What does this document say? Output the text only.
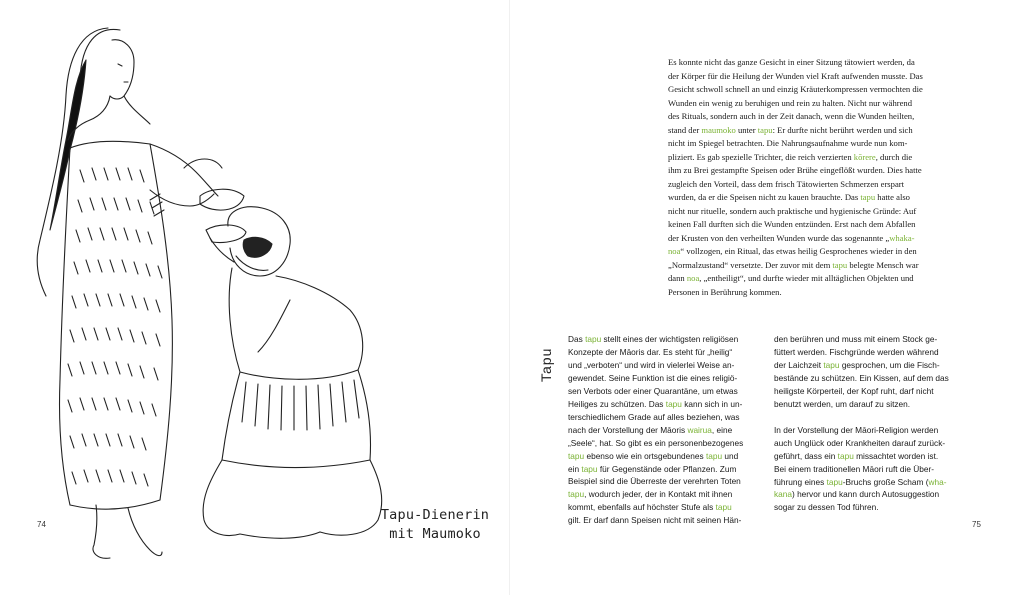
74
Tapu-Dienerin
mit Maumoko
Es konnte nicht das ganze Gesicht in einer Sitzung tätowiert werden, da
der Körper für die Heilung der Wunden viel Kraft aufwenden musste. Das
Gesicht schwoll schnell an und einzig Kräuterkompressen vermochten die
Wunden ein wenig zu beruhigen und rein zu halten. Nicht nur während
des Rituals, sondern auch in der Zeit danach, wenn die Wunden heilten,
stand der maumoko unter tapu: Er durfte nicht berührt werden und sich
nicht im Spiegel betrachten. Die Nahrungsaufnahme wurde nun kom-
pliziert. Es gab spezielle Trichter, die reich verzierten kōrere, durch die
ihm zu Brei gestampfte Speisen oder Brühe eingeflößt wurden. Dies hatte
zugleich den Vorteil, dass dem frisch Tätowierten Schmerzen erspart
wurden, da er die Speisen nicht zu kauen brauchte. Das tapu hatte also
nicht nur rituelle, sondern auch praktische und hygienische Gründe: Auf
keinen Fall durften sich die Wunden entzünden. Erst nach dem Abfallen
der Krusten von den verheilten Wunden wurde das sogenannte „whaka-
noa“ vollzogen, ein Ritual, das etwas heilig Gesprochenes wieder in den
„Normalzustand“ versetzte. Der zuvor mit dem tapu belegte Mensch war
dann noa, „entheiligt“, und durfte wieder mit alltäglichen Objekten und
Personen in Berührung kommen.
Tapu
Das tapu stellt eines der wichtigsten religiösen
Konzepte der Māoris dar. Es steht für „heilig“
und „verboten“ und wird in vielerlei Weise an-
gewendet. Seine Funktion ist die eines religiö-
sen Verbots oder einer Quarantäne, um etwas
Heiliges zu schützen. Das tapu kann sich in un-
terschiedlichem Grade auf alles beziehen, was
nach der Vorstellung der Māoris wairua, eine
„Seele“, hat. So gibt es ein personenbezogenes
tapu ebenso wie ein ortsgebundenes tapu und
ein tapu für Gegenstände oder Pflanzen. Zum
Beispiel sind die Überreste der verehrten Toten
tapu, wodurch jeder, der in Kontakt mit ihnen
kommt, ebenfalls auf höchster Stufe als tapu
gilt. Er darf dann Speisen nicht mit seinen Hän-
den berühren und muss mit einem Stock ge-
füttert werden. Fischgründe werden während
der Laichzeit tapu gesprochen, um die Fisch-
bestände zu schützen. Ein Kissen, auf dem das
heiligste Körperteil, der Kopf ruht, darf nicht
benutzt werden, um darauf zu sitzen.
In der Vorstellung der Māori-Religion werden
auch Unglück oder Krankheiten darauf zurück-
geführt, dass ein tapu missachtet worden ist.
Bei einem traditionellen Māori ruft die Über-
führung eines tapu-Bruchs große Scham (wha-
kana) hervor und kann durch Autosuggestion
sogar zu dessen Tod führen.
75
